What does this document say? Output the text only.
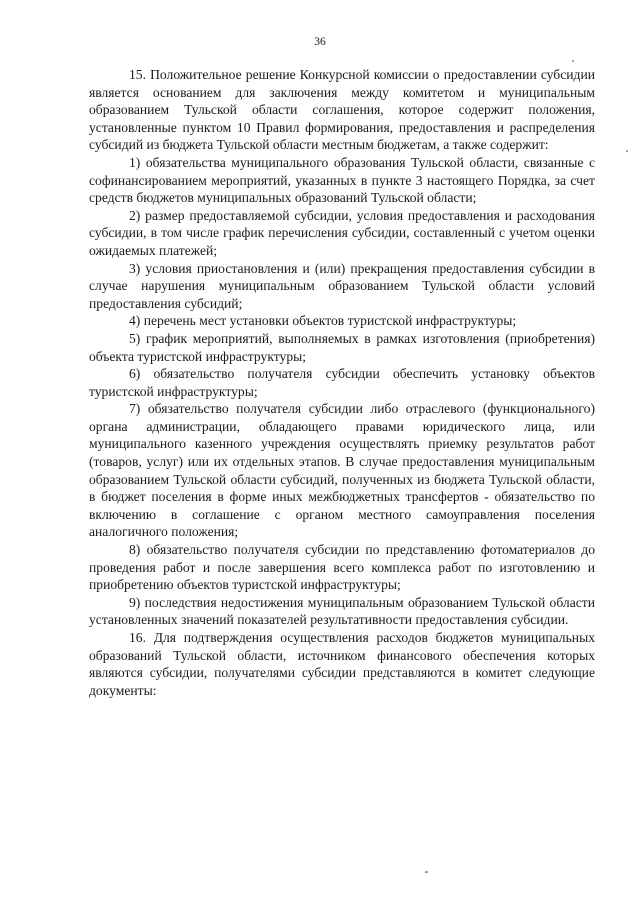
36

15. Положительное решение Конкурсной комиссии о предоставлении субсидии является основанием для заключения между комитетом и муниципальным образованием Тульской области соглашения, которое содержит положения, установленные пунктом 10 Правил формирования, предоставления и распределения субсидий из бюджета Тульской области местным бюджетам, а также содержит:

1) обязательства муниципального образования Тульской области, связанные с софинансированием мероприятий, указанных в пункте 3 настоящего Порядка, за счет средств бюджетов муниципальных образований Тульской области;

2) размер предоставляемой субсидии, условия предоставления и расходования субсидии, в том числе график перечисления субсидии, составленный с учетом оценки ожидаемых платежей;

3) условия приостановления и (или) прекращения предоставления субсидии в случае нарушения муниципальным образованием Тульской области условий предоставления субсидий;

4) перечень мест установки объектов туристской инфраструктуры;

5) график мероприятий, выполняемых в рамках изготовления (приобретения) объекта туристской инфраструктуры;

6) обязательство получателя субсидии обеспечить установку объектов туристской инфраструктуры;

7) обязательство получателя субсидии либо отраслевого (функционального) органа администрации, обладающего правами юридического лица, или муниципального казенного учреждения осуществлять приемку результатов работ (товаров, услуг) или их отдельных этапов. В случае предоставления муниципальным образованием Тульской области субсидий, полученных из бюджета Тульской области, в бюджет поселения в форме иных межбюджетных трансфертов - обязательство по включению в соглашение с органом местного самоуправления поселения аналогичного положения;

8) обязательство получателя субсидии по представлению фотоматериалов до проведения работ и после завершения всего комплекса работ по изготовлению и приобретению объектов туристской инфраструктуры;

9) последствия недостижения муниципальным образованием Тульской области установленных значений показателей результативности предоставления субсидии.

16. Для подтверждения осуществления расходов бюджетов муниципальных образований Тульской области, источником финансового обеспечения которых являются субсидии, получателями субсидии представляются в комитет следующие документы:
